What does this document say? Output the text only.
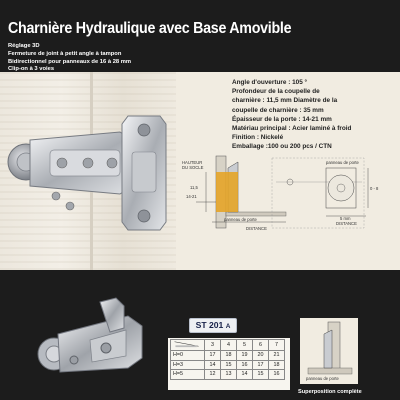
Charnière Hydraulique avec Base Amovible
Réglage 3D
Fermeture de joint à petit angle à tampon
Bidirectionnel pour panneaux de 16 à 28 mm
Clip-on à 3 voies
Angle d'ouverture : 105 °
Profondeur de la coupelle de
charnière : 11,5 mm Diamètre de la
coupelle de charnière : 35 mm
Épaisseur de la porte : 14-21 mm
Matériau principal : Acier laminé à froid
Finition : Nickelé
Emballage :100 ou 200 pcs / CTN
HAUTEUR
DU SOCLE
11,5
14-21
panneau de porte
DISTANCE
panneau de porte
DISTANCE
5 mm
0 - 8
ST 201 A
	3	4	5	6	7
H=0	17	18	19	20	21
H=3	14	15	16	17	18
H=5	12	13	14	15	16
panneau de porte
Superposition complète
